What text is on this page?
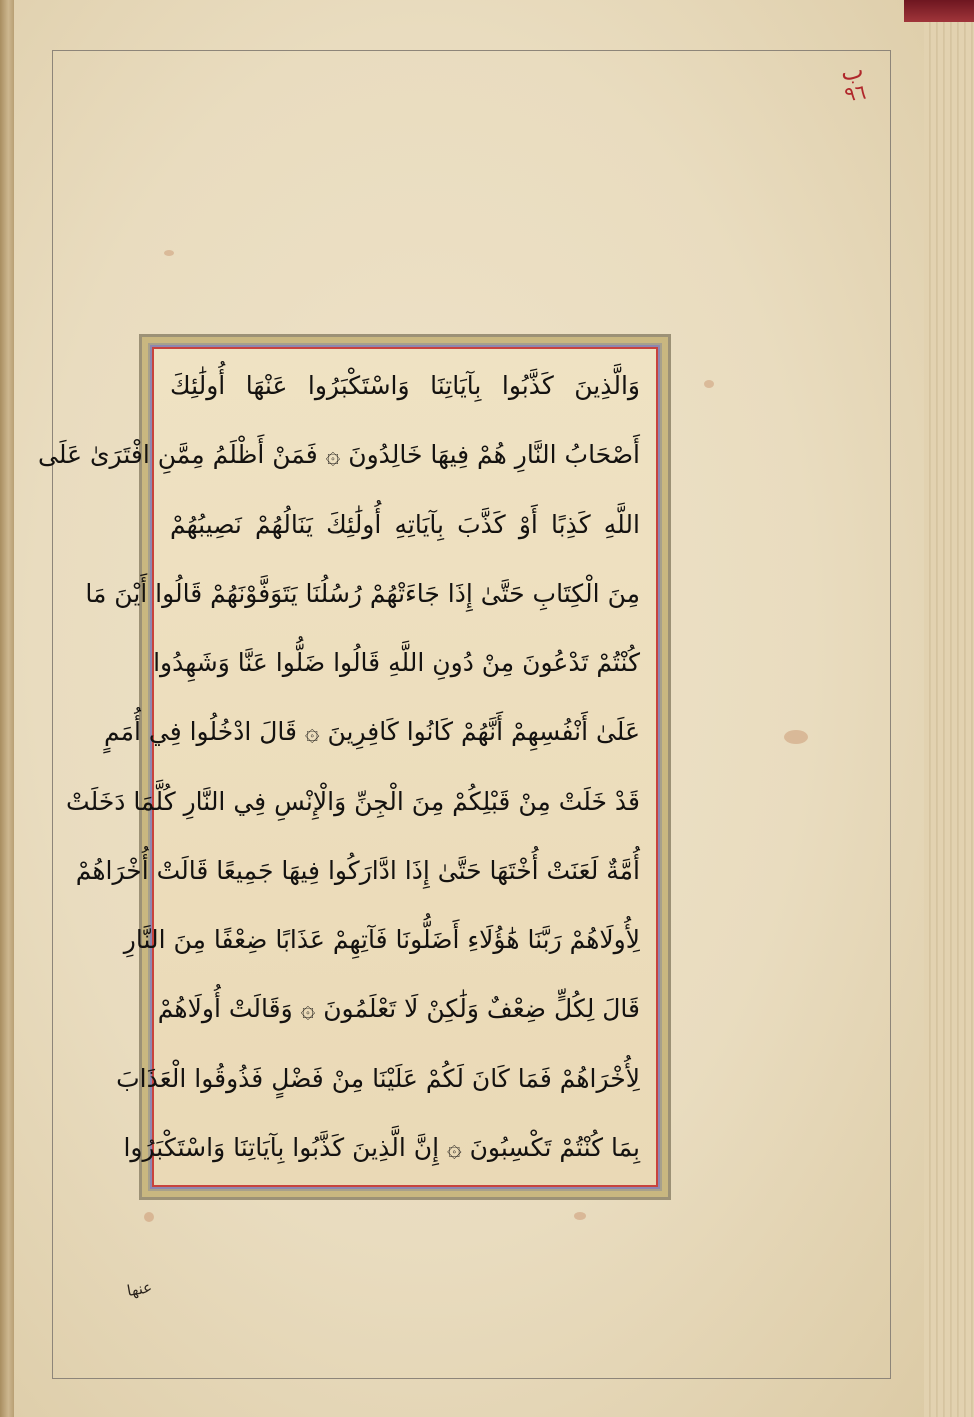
ب
٩٦
وَالَّذِينَ كَذَّبُوا بِآيَاتِنَا وَاسْتَكْبَرُوا عَنْهَا أُولَٰئِكَ
أَصْحَابُ النَّارِ هُمْ فِيهَا خَالِدُونَ ۞ فَمَنْ أَظْلَمُ مِمَّنِ افْتَرَىٰ عَلَى
اللَّهِ كَذِبًا أَوْ كَذَّبَ بِآيَاتِهِ أُولَٰئِكَ يَنَالُهُمْ نَصِيبُهُمْ
مِنَ الْكِتَابِ حَتَّىٰ إِذَا جَاءَتْهُمْ رُسُلُنَا يَتَوَفَّوْنَهُمْ قَالُوا أَيْنَ مَا
كُنْتُمْ تَدْعُونَ مِنْ دُونِ اللَّهِ قَالُوا ضَلُّوا عَنَّا وَشَهِدُوا
عَلَىٰ أَنْفُسِهِمْ أَنَّهُمْ كَانُوا كَافِرِينَ ۞ قَالَ ادْخُلُوا فِي أُمَمٍ
قَدْ خَلَتْ مِنْ قَبْلِكُمْ مِنَ الْجِنِّ وَالْإِنْسِ فِي النَّارِ كُلَّمَا دَخَلَتْ
أُمَّةٌ لَعَنَتْ أُخْتَهَا حَتَّىٰ إِذَا ادَّارَكُوا فِيهَا جَمِيعًا قَالَتْ أُخْرَاهُمْ
لِأُولَاهُمْ رَبَّنَا هَٰؤُلَاءِ أَضَلُّونَا فَآتِهِمْ عَذَابًا ضِعْفًا مِنَ النَّارِ
قَالَ لِكُلٍّ ضِعْفٌ وَلَٰكِنْ لَا تَعْلَمُونَ ۞ وَقَالَتْ أُولَاهُمْ
لِأُخْرَاهُمْ فَمَا كَانَ لَكُمْ عَلَيْنَا مِنْ فَضْلٍ فَذُوقُوا الْعَذَابَ
بِمَا كُنْتُمْ تَكْسِبُونَ ۞ إِنَّ الَّذِينَ كَذَّبُوا بِآيَاتِنَا وَاسْتَكْبَرُوا
عنها
